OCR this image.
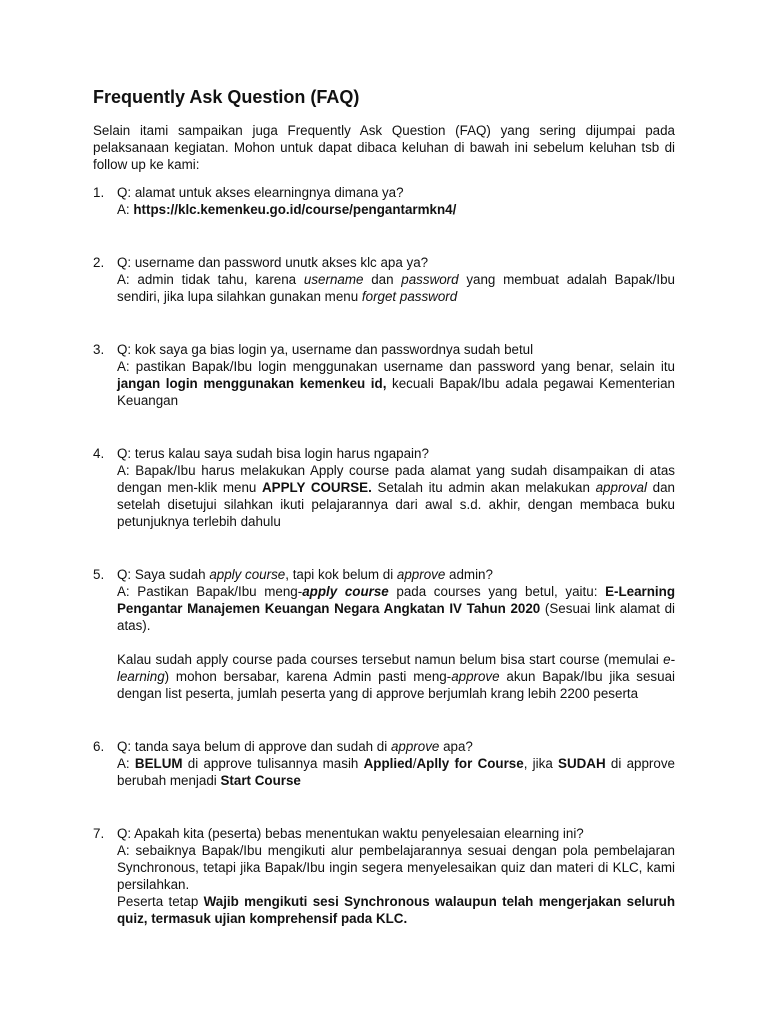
Frequently Ask Question (FAQ)

Selain itami sampaikan juga Frequently Ask Question (FAQ) yang sering dijumpai pada pelaksanaan kegiatan. Mohon untuk dapat dibaca keluhan di bawah ini sebelum keluhan tsb di follow up ke kami:

1. Q: alamat untuk akses elearningnya dimana ya?

A: https://klc.kemenkeu.go.id/course/pengantarmkn4/

2. Q: username dan password unutk akses klc apa ya?

A: admin tidak tahu, karena username dan password yang membuat adalah Bapak/Ibu sendiri, jika lupa silahkan gunakan menu forget password

3. Q: kok saya ga bias login ya, username dan passwordnya sudah betul

A: pastikan Bapak/Ibu login menggunakan username dan password yang benar, selain itu jangan login menggunakan kemenkeu id, kecuali Bapak/Ibu adala pegawai Kementerian Keuangan

4. Q: terus kalau saya sudah bisa login harus ngapain?

A: Bapak/Ibu harus melakukan Apply course pada alamat yang sudah disampaikan di atas dengan men-klik menu APPLY COURSE. Setalah itu admin akan melakukan approval dan setelah disetujui silahkan ikuti pelajarannya dari awal s.d. akhir, dengan membaca buku petunjuknya terlebih dahulu

5. Q: Saya sudah apply course, tapi kok belum di approve admin?

A: Pastikan Bapak/Ibu meng-apply course pada courses yang betul, yaitu: E-Learning Pengantar Manajemen Keuangan Negara Angkatan IV Tahun 2020 (Sesuai link alamat di atas).

Kalau sudah apply course pada courses tersebut namun belum bisa start course (memulai e-learning) mohon bersabar, karena Admin pasti meng-approve akun Bapak/Ibu jika sesuai dengan list peserta, jumlah peserta yang di approve berjumlah krang lebih 2200 peserta

6. Q: tanda saya belum di approve dan sudah di approve apa?

A: BELUM di approve tulisannya masih Applied/Aplly for Course, jika SUDAH di approve berubah menjadi Start Course

7. Q: Apakah kita (peserta) bebas menentukan waktu penyelesaian elearning ini?

A: sebaiknya Bapak/Ibu mengikuti alur pembelajarannya sesuai dengan pola pembelajaran Synchronous, tetapi jika Bapak/Ibu ingin segera menyelesaikan quiz dan materi di KLC, kami persilahkan.

Peserta tetap Wajib mengikuti sesi Synchronous walaupun telah mengerjakan seluruh quiz, termasuk ujian komprehensif pada KLC.
